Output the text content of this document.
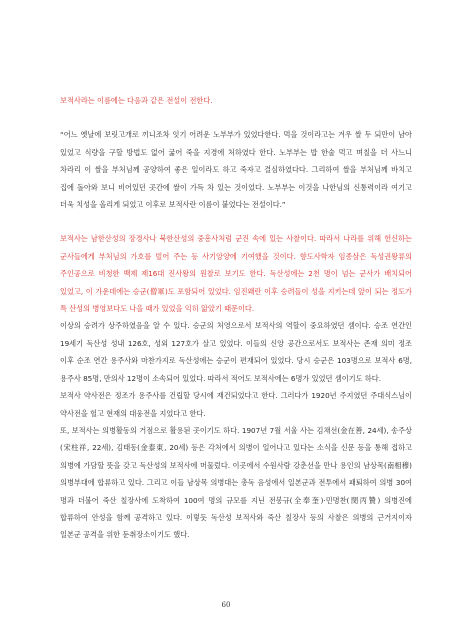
보적사라는 이름에는 다음과 같은 전설이 전한다.

“어느 옛날에 보릿고개로 끼니조차 잇기 어려운 노부부가 있었다한다. 먹을 것이라고는 겨우 쌀 두 되만이 남아 있었고 식량을 구할 방법도 없어 굶어 죽을 지경에 처하였다 한다. 노부부는 밥 한술 먹고 며칠을 더 사느니 차라리 이 쌀을 부처님께 공양하여 좋은 일이라도 하고 죽자고 결심하였다다. 그리하여 쌀을 부처님께 바치고 집에 돌아와 보니 비어있던 곳간에 쌀이 가득 차 있는 것이었다. 노부부는 이것을 나한님의 신통력이라 여기고 더욱 치성을 올리게 되었고 이후로 보적사란 이름이 붙었다는 전설이다.”

보적사는 남한산성의 장경사나 북한산성의 중흥사처럼 군진 속에 있는 사찰이다. 따라서 나라를 위해 헌신하는 군사들에게 부처님의 가호를 빌어 주는 등 사기앙양에 기여했을 것이다. 향도사학자 임종삼은 독성권왕류의 주인공으로 비청한 백제 제16대 진사왕의 원찰로 보기도 한다. 독산성에는 2천 명이 넘는 군사가 배치되어 있었고, 이 가운데에는 승군(僧軍)도 포함되어 있었다. 임진왜란 이후 승려들이 성을 지키는데 앞이 되는 정도가 특 산성의 병영보다도 나을 때가 있었을 익히 앎았기 때문이다.

이상의 승려가 상주하였음을 알 수 있다. 승군의 처영으로서 보적사의 역할이 중요하였던 셈이다. 승조 연간인 19세기 독산성 성내 126호, 성외 127호가 살고 있었다. 이들의 신앙 공간으로서도 보적사는 존재 의미 정조 이후 순조 연간 용주사와 마찬가지로 독산성에는 승군이 편재되어 있었다. 당시 승군은 103명으로 보적사 6명, 용주사 85명, 만의사 12명이 소속되어 있었다. 따라서 적어도 보적사에는 6명가 있었던 셈이기도 하다.

보적사 약사전은 정조가 용주사를 건립할 당시에 재건되었다고 한다. 그러다가 1920년 주지였던 주대식스님이 약사전을 헐고 현재의 대웅전을 지었다고 한다.

또, 보적사는 의병활동의 거점으로 활용된 곳이기도 하다. 1907년 7월 서울 사는 김채선(金在善, 24세), 송주상(宋柱祥, 22세), 김태동(金泰東, 20세) 등은 각처에서 의병이 일어나고 있다는 소식을 신문 등을 통해 접하고 의병에 가담할 뜻을 갖고 독산성의 보적사에 머물렀다. 이곳에서 수원사람 강춘선을 만나 용인의 남상목(南相穆) 의병부대에 합류하고 있다. 그리고 이들 남상목 의병대는 총독 음성에서 일본군과 전투에서 패퇴하여 의병 30여 명과 더불어 죽산 칠장사에 도착하여 100여 명의 규모를 지닌 전봉규(全奉奎)·민명찬(閔丙贊) 의병진에 합류하여 안성을 함께 공격하고 있다. 이렇듯 독산성 보적사와 죽산 칠장사 등의 사찰은 의병의 근거지이자 일본군 공격을 위한 둔취장소이기도 했다.

60
